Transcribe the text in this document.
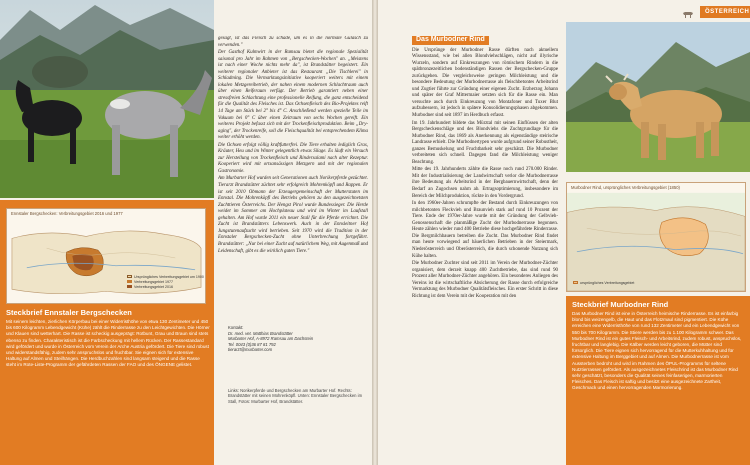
gesagt, ist das Fleisch zu schade, um es in die normale Gulasch zu verwenden."

Der Gasthof Kulmwirt in der Ramsau bietet die regionale Spezialität saisonal pro Jahr im Rahmen von „Bergschecken-Wochen" an. „Meistens ist nach einer Woche nichts mehr da", ist Brandstätter begeistert. Ein weiterer regionaler Anbieter ist das Restaurant „Die Tischlerei" in Schladming. Die Vermarktungsinitiative kooperiert weiters mit einem lokalen Metzgereibetrieb, der nahen einem modernen Schlachtraum auch über einen Reiferaum verfügt. Der Betrieb garantiert neben einer stressfreien Schlachtung eine professionelle Reifung, die ganz entscheidend für die Qualität des Fleisches ist. Das Ochsenfleisch des Bio-Projektes reift 14 Tage am Stück bei 2° bis 4° C. Anschließend werden spezielle Teile im Vakuum bei 0° C über einen Zeitraum von sechs Wochen gereift. Ein weiteres Projekt befasst sich mit der Trockenfleischproduktion. Beim „Dry-aging", der Trockenreife, soll die Fleischqualität bei entsprechendem Klima weiter erhöht werden.

Die Ochsen erfolgt völlig kraftfutterfrei. Die Tiere erhalten lediglich Gras, Kräuter, Heu und im Winter gelegentlich etwas Silage. Es läuft ein Versuch zur Herstellung von Trockenfleisch und Rindersalami nach alter Rezeptur. Kooperiert wird mit ortsansässigen Metzgern und mit der regionalen Gastronomie.

Am Murbarter Hof wurden seit Generationen auch Norikerpferde gezüchtet. Tierarzt Brandstätter züchtet sehr erfolgreich Mohrenköpfl und Rappen. Er ist seit 2010 Obmann der Erzeugergemeinschaft der Mutterstuten im Ennstal. Die Mohrenköpfl des Betriebs gehören zu den ausgezeichnetsten Zuchttieren Österreichs. Der Hengst Pirol wurde Bundessieger. Die Herde weidet im Sommer am Hochplateau und wird im Winter im Laufstall gehalten. Am Hof wurde 2011 ein neuer Stall für die Pferde errichtet. Die Zucht ist Brandstätters Lebenswerk. Auch in der Ennsleitner Hof Jungstutenaufzucht wird betrieben. Seit 1970 wird die Tradition in der Ennstaler Bergschecken-Zucht ohne Unterbrechung fortgeführt. Brandstätter: „Nur bei einer Zucht auf natürlichem Weg, mit Augenmaß und Leidenschaft, gibt es die wirklich guten Tiere."

Ennstaler Bergschecken: Verbreitungsgebiet 2016 und 1977
Ursprüngliches Verbreitungsgebiet um 1900
Verbreitungsgebiet 1977
Verbreitungsgebiet 2016
Steckbrief Ennstaler Bergschecken
Mit seinem leichten, zierlichen Körperbau bei einer Widerristhöhe von etwa 130 Zentimeter und 450 bis 600 Kilogramm Lebendgewicht (Kühe) zählt die Rinderrasse zu den Leichtgewichten. Die Hörner und Klauen sind wetterhart. Die Rasse ist scheckig ausgeprägt: Rotbunt, Grau und Braun sind stets ebenso zu finden. Charakteristisch ist die Farbscheckung mit hellem Rücken. Der Rassestandard wird gefördert und wurde in Österreich vom Verein der Arche Austria gefördert. Die Tiere sind robust und widerstandsfähig, zudem sehr anspruchslos und fruchtbar. Sie eignen sich für extensive Haltung auf Almen und Steilhängen. Die Herdbuchzahlen sind langsam steigend und die Rasse steht im Rote-Liste-Programm der gefährdeten Rassen der FAO und des ÖNGENE gelistet.
Kontakt:
Dr. med. vet. Matthias Brandstätter
Murbarter Hof, A-8972 Ramsau am Dachstein
Tel. 0043 (0)36 87 81 792
tierarzt@murbarter.com
Links: Norikerpferde und Bergschecken am Murbarter Hof. Rechts: Brandstätter mit seinen Mohrenköpfl. Unten: Ennstaler Bergschecken im Stall, Fotos: Murbarter Hof, Brandstätter.
ÖSTERREICH
Das Murbodner Rind

Die Ursprünge der Murbodner Rasse dürften nach aktuellem Wissensstand, wie bei allen Blondviehschlägen, nicht auf illyrische Wurzeln, sondern auf Einkreuzungen von römischem Rindern in die spätbronzezeitlichen bodenständigen Rassen der Bergschecken-Gruppe zurückgehen. Die vergleichsweise geringen Milchleistung und die besondere Bedeutung der Murbodnerrasse als fleischbetontes Arbeitsrind und Zugtier führte zur Gründung einer eigenen Zucht. Erzherzog Johann und später der Graf Mittermaier setzten sich für die Rasse ein. Man versuchte auch durch Einkreuzung von Montafoner und Tuxer Blut aufzubessern, ist jedoch in spätere Konsolidierungsphasen abgekommen. Murbodner sind seit 1897 im Herdbuch erfasst.

Im 19. Jahrhundert bildete das Mürztal mit seinen Einflüssen der alten Bergscheckenschläge und des Blondviehs die Zuchtgrundlage für die Murbodner Rind, das 1869 als Anerkennung als eigenständige steirische Landrasse erhielt. Die Murbodnertypen wurde aufgrund seiner Robustheit, ganzes Bemuskelung und Fruchtbarkeit sehr geschätzt. Die Murbodner verbreiteten sich schnell. Dagegen fand die Milchleistung weniger Beachtung.

Mitte des 19. Jahrhunderts zählte die Rasse noch rund 270.000 Rinder. Mit der Industrialisierung der Landwirtschaft verlor die Murbodnerrasse ihre Bedeutung als Arbeitsrind in der Bergbauernwirtschaft, denn der Bedarf an Zugochsen nahm ab. Ertragsoptimierung, insbesondere im Bereich der Milchproduktion, rückte in den Vordergrund.

In den 1960er-Jahren schrumpfte der Bestand durch Einkreuzungen von milchbetonten Fleckvieh und Braunvieh stark auf rund 10 Prozent der Tiere. Ende der 1970er-Jahre wurde mit der Gründung der Gelbvieh-Genossenschaft die planmäßige Zucht der Murbodnerrasse begonnen. Heute zählen wieder rund 400 Betriebe diese hochgefährdete Rinderrasse. Die Bergmilchbauern betreiben die Zucht. Das Murbodner Rind findet man heute vorwiegend auf bäuerlichen Betrieben in der Steiermark, Niederösterreich und Oberösterreich, die durch schonende Nutzung sich Kühe halten.

Die Murbodner Zuchter sind seit 2011 im Verein der Murbodner-Züchter organisiert, dem derzeit knapp 400 Zuchtbetriebe, das sind rund 90 Prozent aller Murbodner-Züchter angehören. Ein besonderes Anliegen des Vereins ist die wirtschaftliche Absicherung der Rasse durch erfolgreiche Vermarktung des Murbodner Qualitätsfleisches. Ein erster Schritt in diese Richtung ist dem Verein mit der Kooperation mit den

Murbodner Rind, ursprüngliches Verbreitungsgebiet (1850)
ursprüngliches Verbreitungsgebiet
Steckbrief Murbodner Rind
Das Murbodner Rind ist eine in Österreich heimische Rinderrasse. Es ist einfarbig blond bis weizengelb, die Haut und das Flotzmaul sind pigmentiert. Die Kühe erreichen eine Widerristhöhe von rund 132 Zentimeter und ein Lebendgewicht von 550 bis 700 Kilogramm. Die Stiere werden bis zu 1.100 Kilogramm schwer. Das Murbodner Rind ist ein gutes Fleisch- und Arbeitsrind, zudem robust, anspruchslos, fruchtbar und langlebig. Die Kälber werden leicht geboren, die Mütter sind fürsorglich. Die Tiere eignen sich hervorragend für die Mutterkuhhaltung und für extensive Haltung im Berggebiet und auf Almen. Die Murbodnerrasse ist vom Aussterben bedroht und wird im Rahmen des ÖPUL-Programms für seltene Nutztierrassen gefördert. Als ausgezeichnetes Fleischrind ist das Murbodner Rind sehr geschätzt, besonders die Qualität seines feinfaserigen, marmorierten Fleisches. Das Fleisch ist saftig und besitzt eine ausgezeichnete Zartheit, Geschmack und einen hervorragenden Marmorierung.
